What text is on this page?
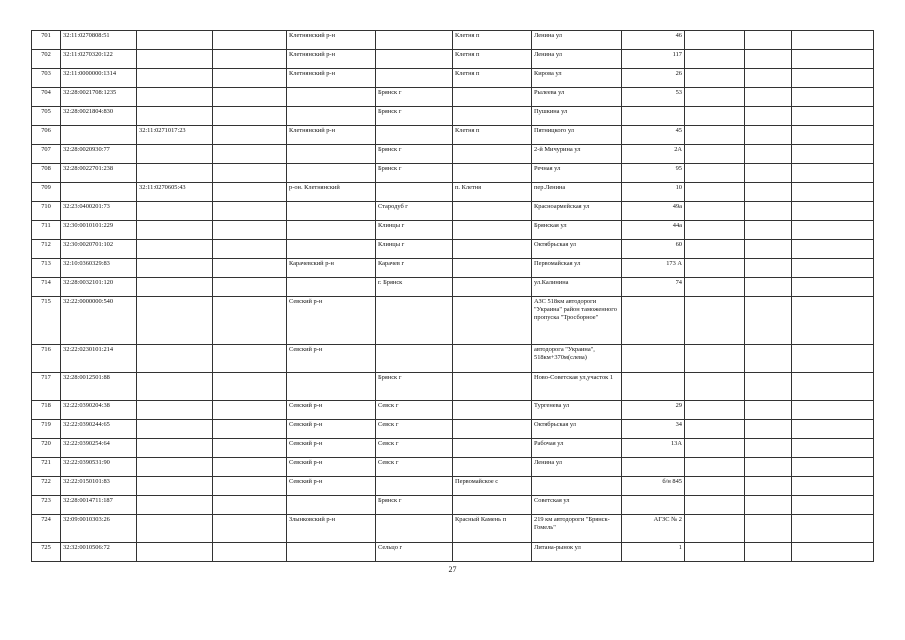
701	32:11:0270808:51			Клетнянский р-н		Клетня п	Ленина ул	46			
702	32:11:0270320:122			Клетнянский р-н		Клетня п	Ленина ул	117			
703	32:11:0000000:1314			Клетнянский р-н		Клетня п	Кирова ул	26			
704	32:28:0021708:1235				Брянск г		Рылеева ул	53			
705	32:28:0021804:830				Брянск г		Пушкина ул				
706		32:11:0271017:23		Клетнянский р-н		Клетня п	Пятницкого ул	45			
707	32:28:0020930:77				Брянск г		2-й Мичурина ул	2А			
708	32:28:0022701:238				Брянск г		Речная ул	95			
709		32:11:0270605:43		р-он. Клетнянский		п. Клетня	пер.Ленина	10			
710	32:23:0400201:73				Стародуб г		Красноармейская ул	49а			
711	32:30:0010101:229				Клинцы г		Брянская ул	44а			
712	32:30:0020701:102				Клинцы г		Октябрьская ул	60			
713	32:10:0360329:83			Карачевский р-н	Карачев г		Первомайская ул	173 А			
714	32:28:0032101:120				г. Брянск		ул.Калинина	74			
715	32:22:0000000:540			Севский р-н			АЗС 518км автодороги "Украина" район таможенного пропуска "Тросборное"				
716	32:22:0230101:214			Севский р-н			автодорога "Украина", 518км+370м(слева)				
717	32:28:0012501:88				Брянск г		Ново-Советская ул,участок 1				
718	32:22:0390204:38			Севский р-н	Севск г		Тургенева ул	29			
719	32:22:0390244:65			Севский р-н	Севск г		Октябрьская ул	34			
720	32:22:0390254:64			Севский р-н	Севск г		Рабочая ул	13А			
721	32:22:0390531:90			Севский р-н	Севск г		Ленина ул				
722	32:22:0150101:83			Севский р-н		Первомайское с		б/н 845			
723	32:28:0014711:187				Брянск г		Советская ул				
724	32:09:0010303:26			Злынковский р-н		Красный Камень п	219 км автодороги "Брянск-Гомель"	АГЗС № 2			
725	32:32:0010506:72				Сельцо г		Литана-рынок ул	1			
27
